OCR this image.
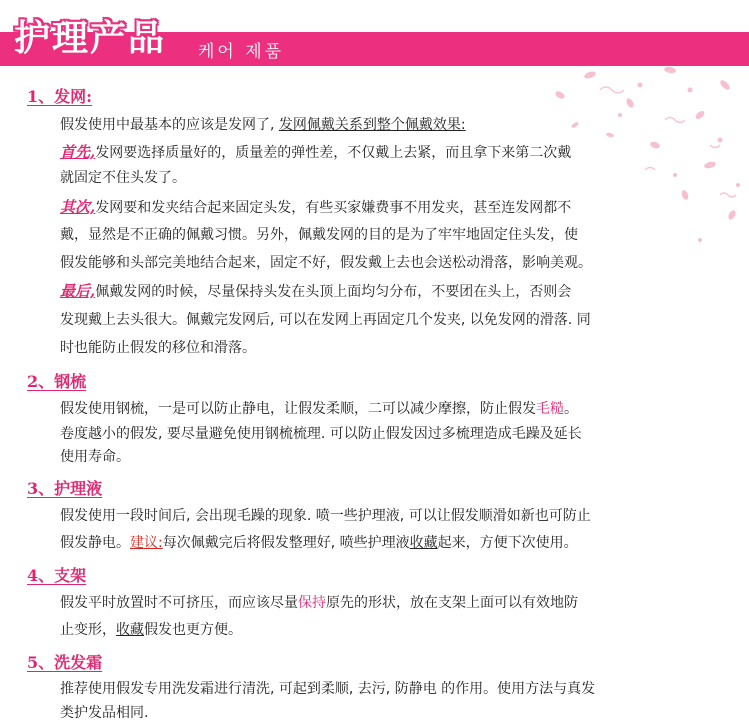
护理产品 케어 제품
1、发网:
假发使用中最基本的应该是发网了, 发网佩戴关系到整个佩戴效果:
首先,发网要选择质量好的，质量差的弹性差，不仅戴上去紧，而且拿下来第二次戴
就固定不住头发了。
其次,发网要和发夹结合起来固定头发，有些买家嫌费事不用发夹，甚至连发网都不
戴，显然是不正确的佩戴习惯。另外，佩戴发网的目的是为了牢牢地固定住头发，使
假发能够和头部完美地结合起来，固定不好，假发戴上去也会送松动滑落，影响美观。
最后,佩戴发网的时候，尽量保持头发在头顶上面均匀分布，不要团在头上，否则会
发现戴上去头很大。佩戴完发网后, 可以在发网上再固定几个发夹, 以免发网的滑落. 同
时也能防止假发的移位和滑落。
2、钢梳
假发使用钢梳，一是可以防止静电，让假发柔顺，二可以减少摩擦，防止假发毛糙。
卷度越小的假发, 要尽量避免使用钢梳梳理. 可以防止假发因过多梳理造成毛躁及延长
使用寿命。
3、护理液
假发使用一段时间后, 会出现毛躁的现象. 喷一些护理液, 可以让假发顺滑如新也可防止
假发静电。建议:每次佩戴完后将假发整理好, 喷些护理液收藏起来，方便下次使用。
4、支架
假发平时放置时不可挤压，而应该尽量保持原先的形状，放在支架上面可以有效地防
止变形，收藏假发也更方便。
5、洗发霜
推荐使用假发专用洗发霜进行清洗, 可起到柔顺, 去污, 防静电 的作用。使用方法与真发
类护发品相同.
